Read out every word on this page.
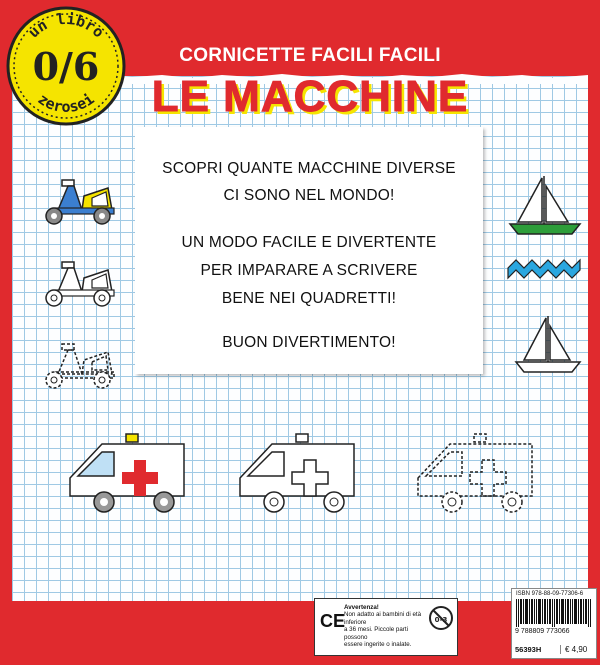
un libro
zerosei
0/6	CORNICETTE FACILI FACILI
LE MACCHINE

SCOPRI QUANTE MACCHINE DIVERSE

CI SONO NEL MONDO!

UN MODO FACILE E DIVERTENTE

PER IMPARARE A SCRIVERE

BENE NEI QUADRETTI!

BUON DIVERTIMENTO!

CE
Avvertenza!
Non adatto ai bambini di età inferiore
a 36 mesi. Piccole parti possono
essere ingerite o inalate.
0-3
ISBN 978-88-09-77306-6
9 788809 773066
56393H	€ 4,90
